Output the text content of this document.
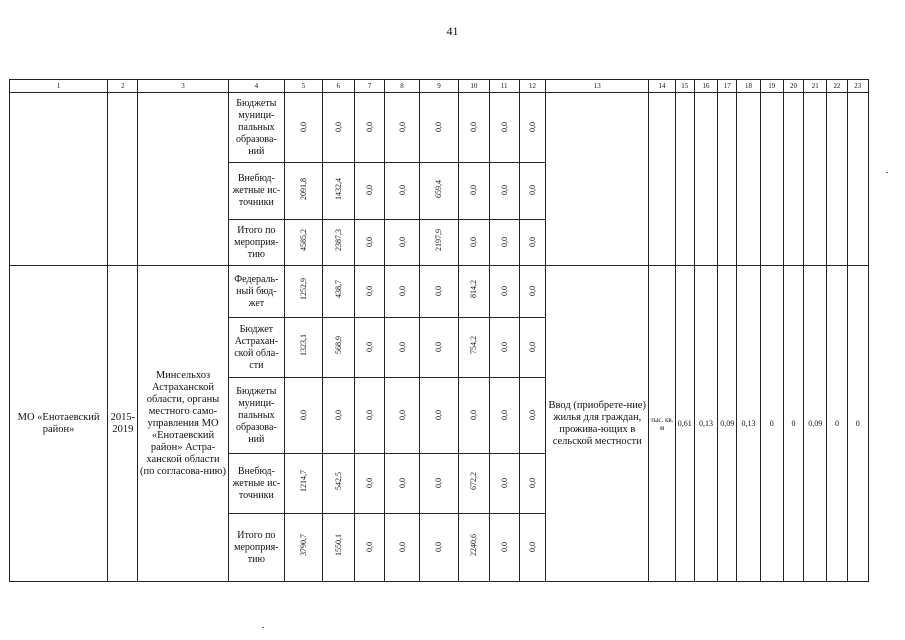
41
1	2	3	4	5	6	7	8	9	10	11	12	13	14	15	16	17	18	19	20	21	22	23
			Бюджеты муници-пальных образова-ний	0,0	0,0	0,0	0,0	0,0	0,0	0,0	0,0											
			Внебюд-жетные ис-точники	2091,8	1432,4	0,0	0,0	659,4	0,0	0,0	0,0											
			Итого по мероприя-тию	4585,2	2387,3	0,0	0,0	2197,9	0,0	0,0	0,0											
МО «Енотаевский район»	2015-2019	Минсельхоз Астраханской области, органы местного само-управления МО «Енотаевский район» Астра-ханской области (по согласова-нию)	Федераль-ный бюд-жет	1252,9	438,7	0,0	0,0	0,0	814,2	0,0	0,0	Ввод (приобрете-ние) жилья для граждан, прожива-ющих в сельской местности	тыс. кв. м	0,61	0,13	0,09	0,13	0	0	0,09	0	0
			Бюджет Астрахан-ской обла-сти	1323,1	568,9	0,0	0,0	0,0	754,2	0,0	0,0											
			Бюджеты муници-пальных образова-ний	0,0	0,0	0,0	0,0	0,0	0,0	0,0	0,0											
			Внебюд-жетные ис-точники	1214,7	542,5	0,0	0,0	0,0	672,2	0,0	0,0											
			Итого по мероприя-тию	3790,7	1550,1	0,0	0,0	0,0	2240,6	0,0	0,0											
